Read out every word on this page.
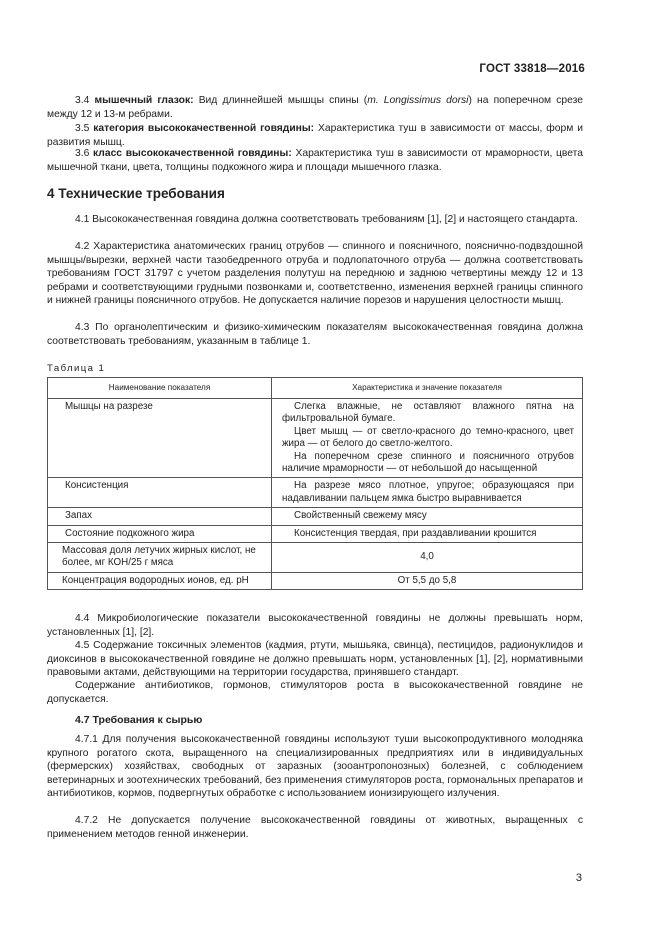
ГОСТ 33818—2016
3.4 мышечный глазок: Вид длиннейшей мышцы спины (m. Longissimus dorsi) на поперечном срезе между 12 и 13-м ребрами.
3.5 категория высококачественной говядины: Характеристика туш в зависимости от массы, форм и развития мышц.
3.6 класс высококачественной говядины: Характеристика туш в зависимости от мраморности, цвета мышечной ткани, цвета, толщины подкожного жира и площади мышечного глазка.
4 Технические требования
4.1 Высококачественная говядина должна соответствовать требованиям [1], [2] и настоящего стандарта.
4.2 Характеристика анатомических границ отрубов — спинного и поясничного, пояснично-подвздошной мышцы/вырезки, верхней части тазобедренного отруба и подлопаточного отруба — должна соответствовать требованиям ГОСТ 31797 с учетом разделения полутуш на переднюю и заднюю четвертины между 12 и 13 ребрами и соответствующими грудными позвонками и, соответственно, изменения верхней границы спинного и нижней границы поясничного отрубов. Не допускается наличие порезов и нарушения целостности мышц.
4.3 По органолептическим и физико-химическим показателям высококачественная говядина должна соответствовать требованиям, указанным в таблице 1.
Таблица 1
Наименование показателя	Характеристика и значение показателя
Мышцы на разрезе	Слегка влажные, не оставляют влажного пятна на фильтровальной бумаге.
Цвет мышц — от светло-красного до темно-красного, цвет жира — от белого до светло-желтого.
На поперечном срезе спинного и поясничного отрубов наличие мраморности — от небольшой до насыщенной

Консистенция	На разрезе мясо плотное, упругое; образующаяся при надавливании пальцем ямка быстро выравнивается

Запах	Свойственный свежему мясу

Состояние подкожного жира	Консистенция твердая, при раздавливании крошится

Массовая доля летучих жирных кислот, не более, мг КОН/25 г мяса	4,0
Концентрация водородных ионов, ед. pH	От 5,5 до 5,8
4.4 Микробиологические показатели высококачественной говядины не должны превышать норм, установленных [1], [2].
4.5 Содержание токсичных элементов (кадмия, ртути, мышьяка, свинца), пестицидов, радионуклидов и диоксинов в высококачественной говядине не должно превышать норм, установленных [1], [2], нормативными правовыми актами, действующими на территории государства, принявшего стандарт.
Содержание антибиотиков, гормонов, стимуляторов роста в высококачественной говядине не допускается.
4.7 Требования к сырью
4.7.1 Для получения высококачественной говядины используют туши высокопродуктивного молодняка крупного рогатого скота, выращенного на специализированных предприятиях или в индивидуальных (фермерских) хозяйствах, свободных от заразных (зооантропонозных) болезней, с соблюдением ветеринарных и зоотехнических требований, без применения стимуляторов роста, гормональных препаратов и антибиотиков, кормов, подвергнутых обработке с использованием ионизирующего излучения.
4.7.2 Не допускается получение высококачественной говядины от животных, выращенных с применением методов генной инженерии.
3
